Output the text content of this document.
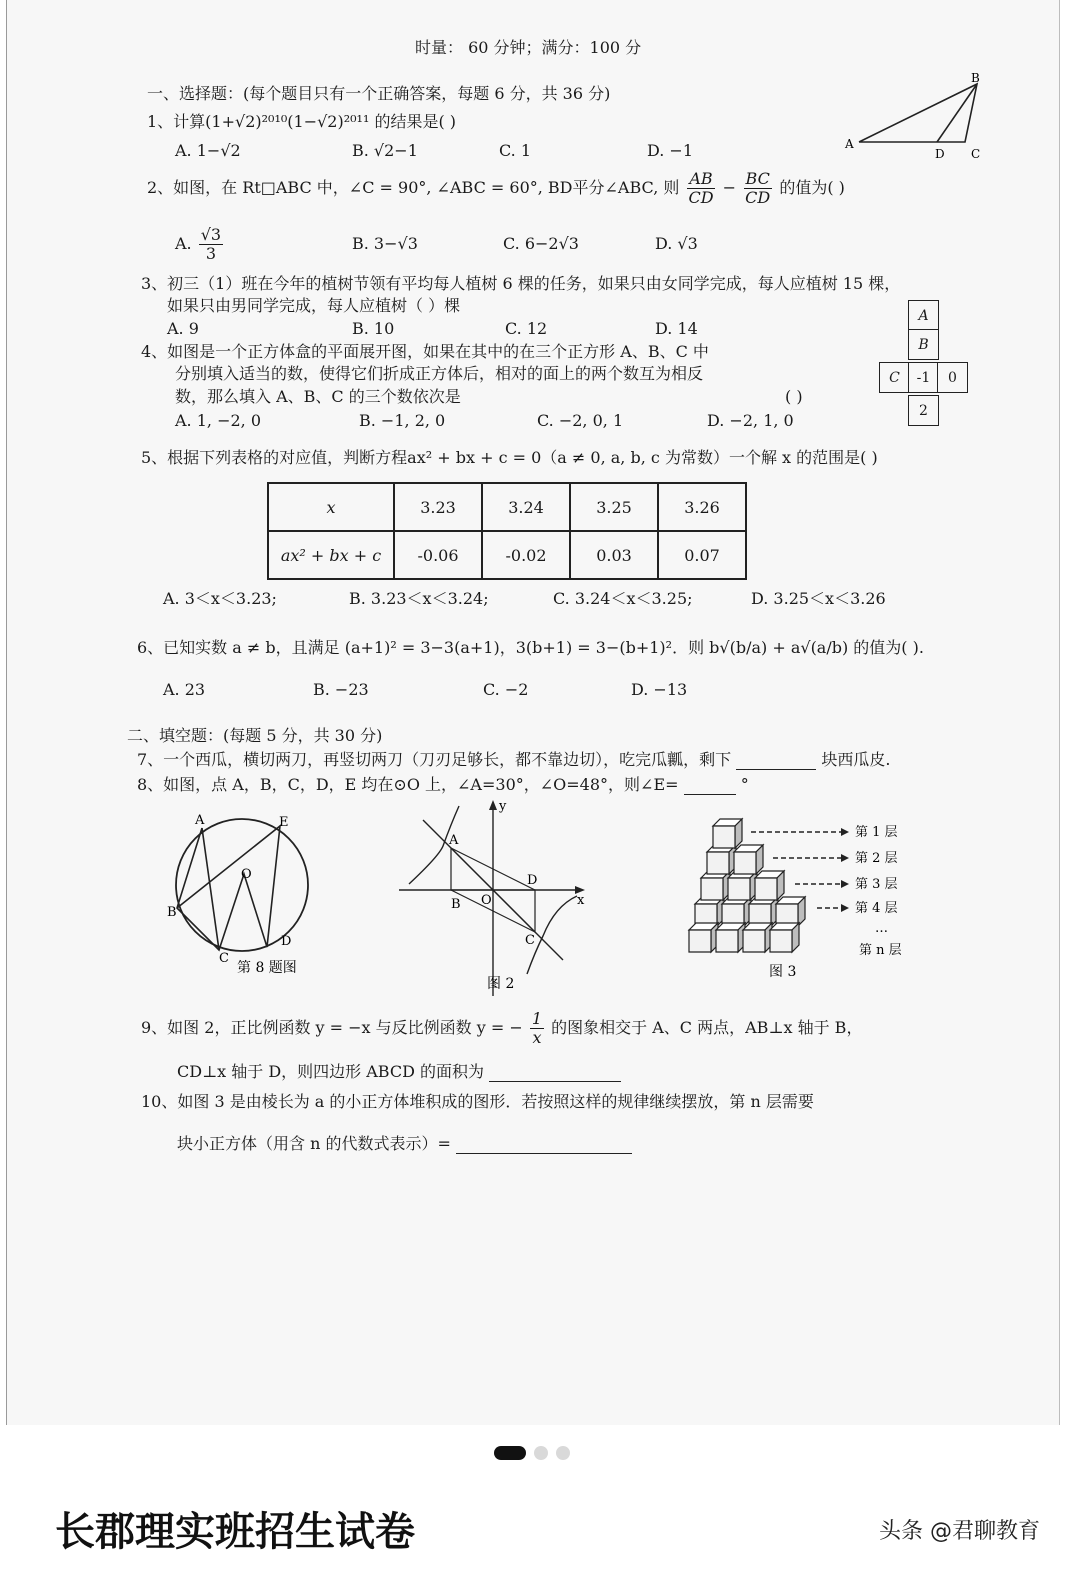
时量： 60 分钟；满分：100 分
一、选择题：(每个题目只有一个正确答案，每题 6 分，共 36 分)
1、计算(1+√2)²⁰¹⁰(1−√2)²⁰¹¹ 的结果是( )
A. 1−√2	B. √2−1	C. 1	D. −1
B
A
D C
2、如图，在 Rt□ABC 中，∠C = 90°, ∠ABC = 60°, BD平分∠ABC, 则 $\frac{AB}{CD} - \frac{BC}{CD}$ 的值为( )
A. $\frac{√3}{3}$	B. 3−√3	C. 6−2√3	D. √3
3、初三（1）班在今年的植树节领有平均每人植树 6 棵的任务，如果只由女同学完成，每人应植树 15 棵，
如果只由男同学完成，每人应植树（ ）棵
A. 9	B. 10	C. 12	D. 14
A
B
C	-1	0
2
4、如图是一个正方体盒的平面展开图，如果在其中的在三个正方形 A、B、C 中
分别填入适当的数，使得它们折成正方体后，相对的面上的两个数互为相反
数，那么填入 A、B、C 的三个数依次是	( )
A. 1, −2, 0	B. −1, 2, 0	C. −2, 0, 1	D. −2, 1, 0
5、根据下列表格的对应值，判断方程ax² + bx + c = 0（a ≠ 0, a, b, c 为常数）一个解 x 的范围是( )
x	3.23	3.24	3.25	3.26
ax² + bx + c	-0.06	-0.02	0.03	0.07
A. 3＜x＜3.23;	B. 3.23＜x＜3.24;	C. 3.24＜x＜3.25;	D. 3.25＜x＜3.26
6、已知实数 a ≠ b，且满足 (a+1)² = 3−3(a+1)，3(b+1) = 3−(b+1)²．则 b√(b/a) + a√(a/b) 的值为( ).
A. 23	B. −23	C. −2	D. −13
二、填空题：(每题 5 分，共 30 分)
7、一个西瓜，横切两刀，再竖切两刀（刀刃足够长，都不靠边切），吃完瓜瓤，剩下	块西瓜皮.
8、如图，点 A，B，C，D，E 均在⊙O 上，∠A=30°，∠O=48°，则∠E=	°
A	E
B
O
C
D
第 8 题图
y
x
A
B O
D
C
图 2
第 1 层
第 2 层
第 3 层
第 4 层
…
第 n 层
图 3
9、如图 2，正比例函数 y = −x 与反比例函数 y = − $\frac{1}{x}$ 的图象相交于 A、C 两点，AB⊥x 轴于 B，
CD⊥x 轴于 D，则四边形 ABCD 的面积为
10、如图 3 是由棱长为 a 的小正方体堆积成的图形．若按照这样的规律继续摆放，第 n 层需要
块小正方体（用含 n 的代数式表示）=
长郡理实班招生试卷	头条 @君聊教育
